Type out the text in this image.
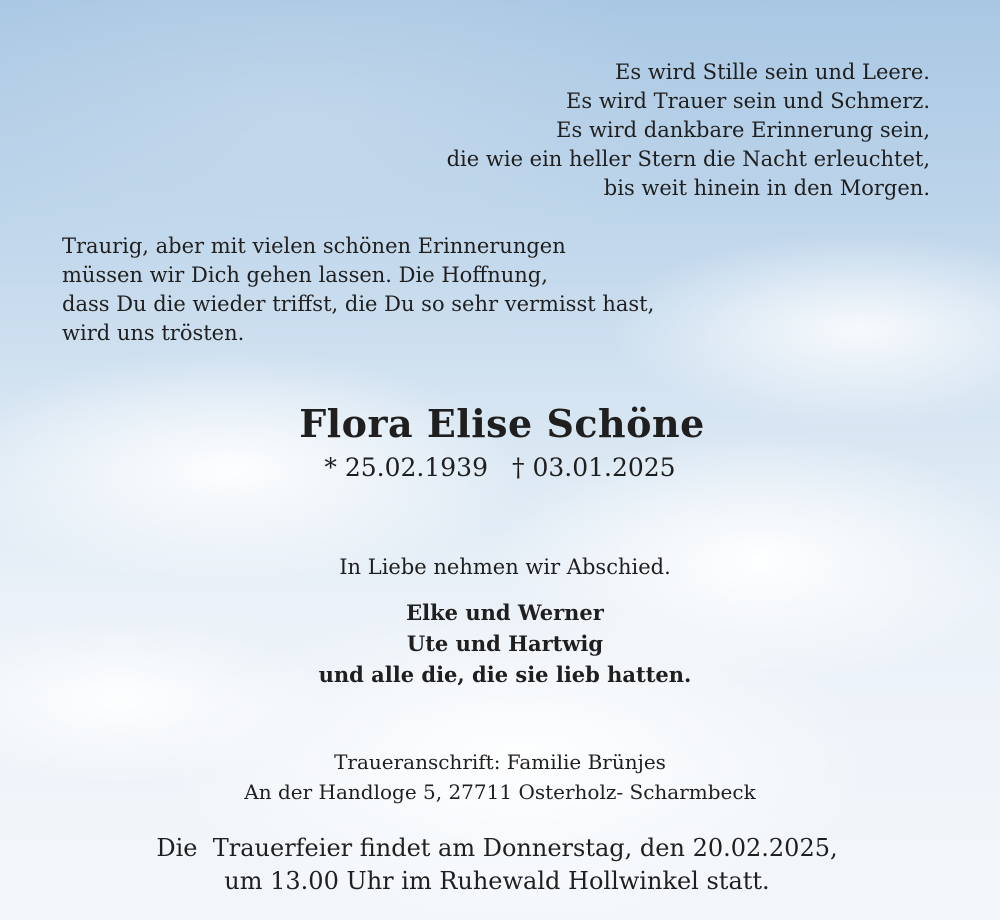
Es wird Stille sein und Leere.
Es wird Trauer sein und Schmerz.
Es wird dankbare Erinnerung sein,
die wie ein heller Stern die Nacht erleuchtet,
bis weit hinein in den Morgen.
Traurig, aber mit vielen schönen Erinnerungen
müssen wir Dich gehen lassen. Die Hoffnung,
dass Du die wieder triffst, die Du so sehr vermisst hast,
wird uns trösten.
Flora Elise Schöne
* 25.02.1939 † 03.01.2025
In Liebe nehmen wir Abschied.
Elke und Werner
Ute und Hartwig
und alle die, die sie lieb hatten.
Traueranschrift: Familie Brünjes
An der Handloge 5, 27711 Osterholz- Scharmbeck
Die  Trauerfeier findet am Donnerstag, den 20.02.2025,
um 13.00 Uhr im Ruhewald Hollwinkel statt.
